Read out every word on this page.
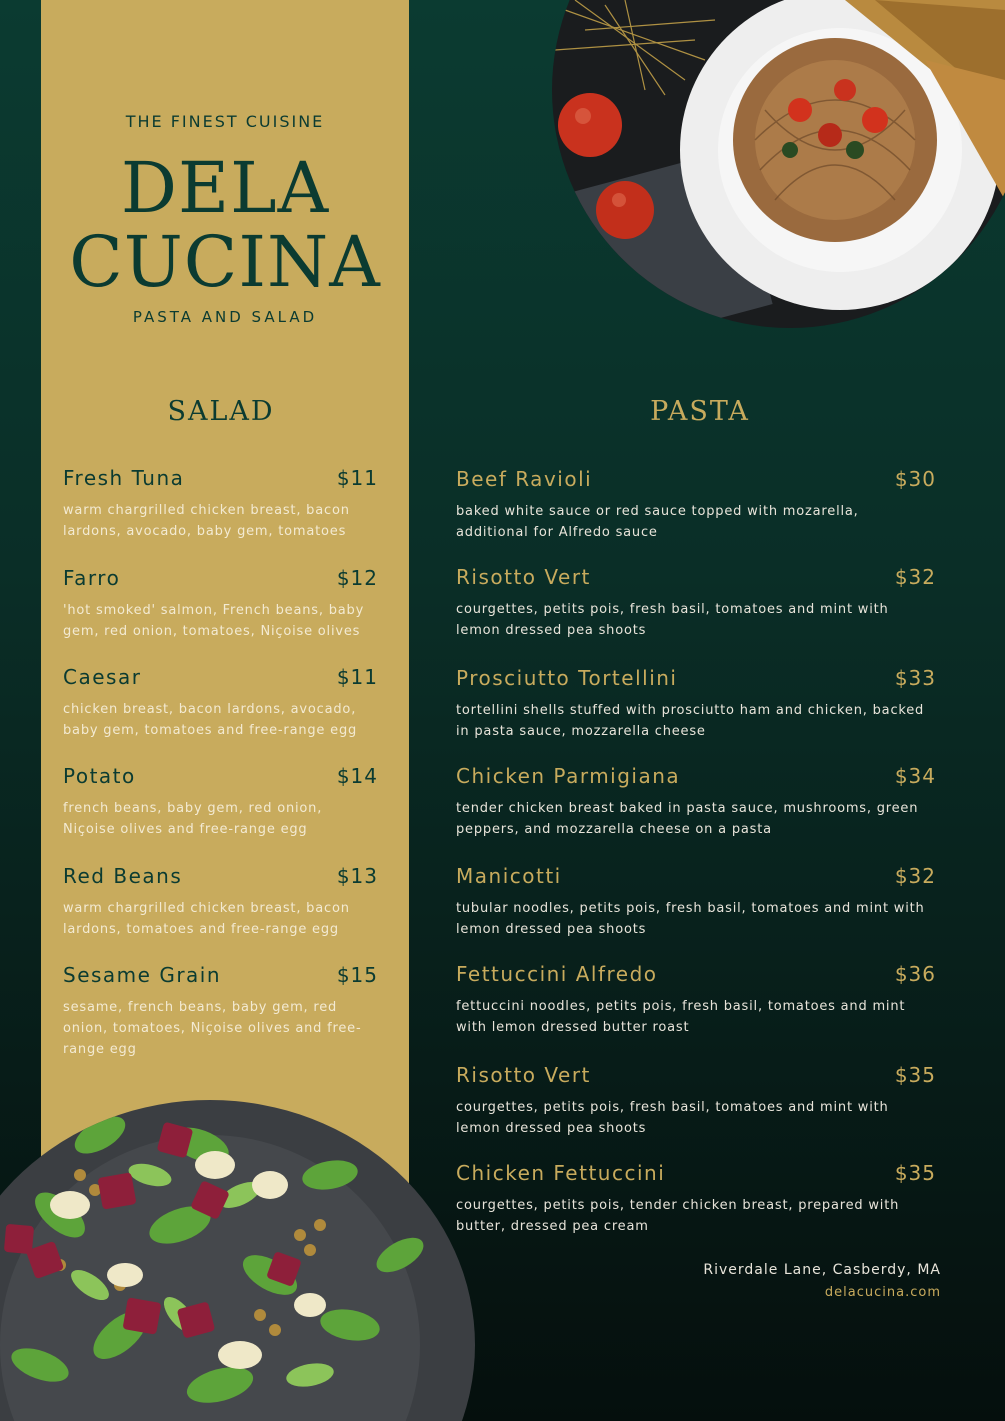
THE FINEST CUISINE
DELA
CUCINA
PASTA AND SALAD
SALAD	PASTA
Fresh Tuna	$11
warm chargrilled chicken breast, bacon lardons, avocado, baby gem, tomatoes
Farro	$12
'hot smoked' salmon, French beans, baby gem, red onion, tomatoes, Niçoise olives
Caesar	$11
chicken breast, bacon lardons, avocado, baby gem, tomatoes and free-range egg
Potato	$14
french beans, baby gem, red onion, Niçoise olives and free-range egg
Red Beans	$13
warm chargrilled chicken breast, bacon lardons, tomatoes and free-range egg
Sesame Grain	$15
sesame, french beans, baby gem, red onion, tomatoes, Niçoise olives and free-range egg
Beef Ravioli	$30
baked white sauce or red sauce topped with mozarella, additional for Alfredo sauce
Risotto Vert	$32
courgettes, petits pois, fresh basil, tomatoes and mint with lemon dressed pea shoots
Prosciutto Tortellini	$33
tortellini shells stuffed with prosciutto ham and chicken, backed in pasta sauce, mozzarella cheese
Chicken Parmigiana	$34
tender chicken breast baked in pasta sauce, mushrooms, green peppers, and mozzarella cheese on a pasta
Manicotti	$32
tubular noodles, petits pois, fresh basil, tomatoes and mint with lemon dressed pea shoots
Fettuccini Alfredo	$36
fettuccini noodles, petits pois, fresh basil, tomatoes and mint with lemon dressed butter roast
Risotto Vert	$35
courgettes, petits pois, fresh basil, tomatoes and mint with lemon dressed pea shoots
Chicken Fettuccini	$35
courgettes, petits pois, tender chicken breast, prepared with butter, dressed pea cream
Riverdale Lane, Casberdy, MA
delacucina.com
